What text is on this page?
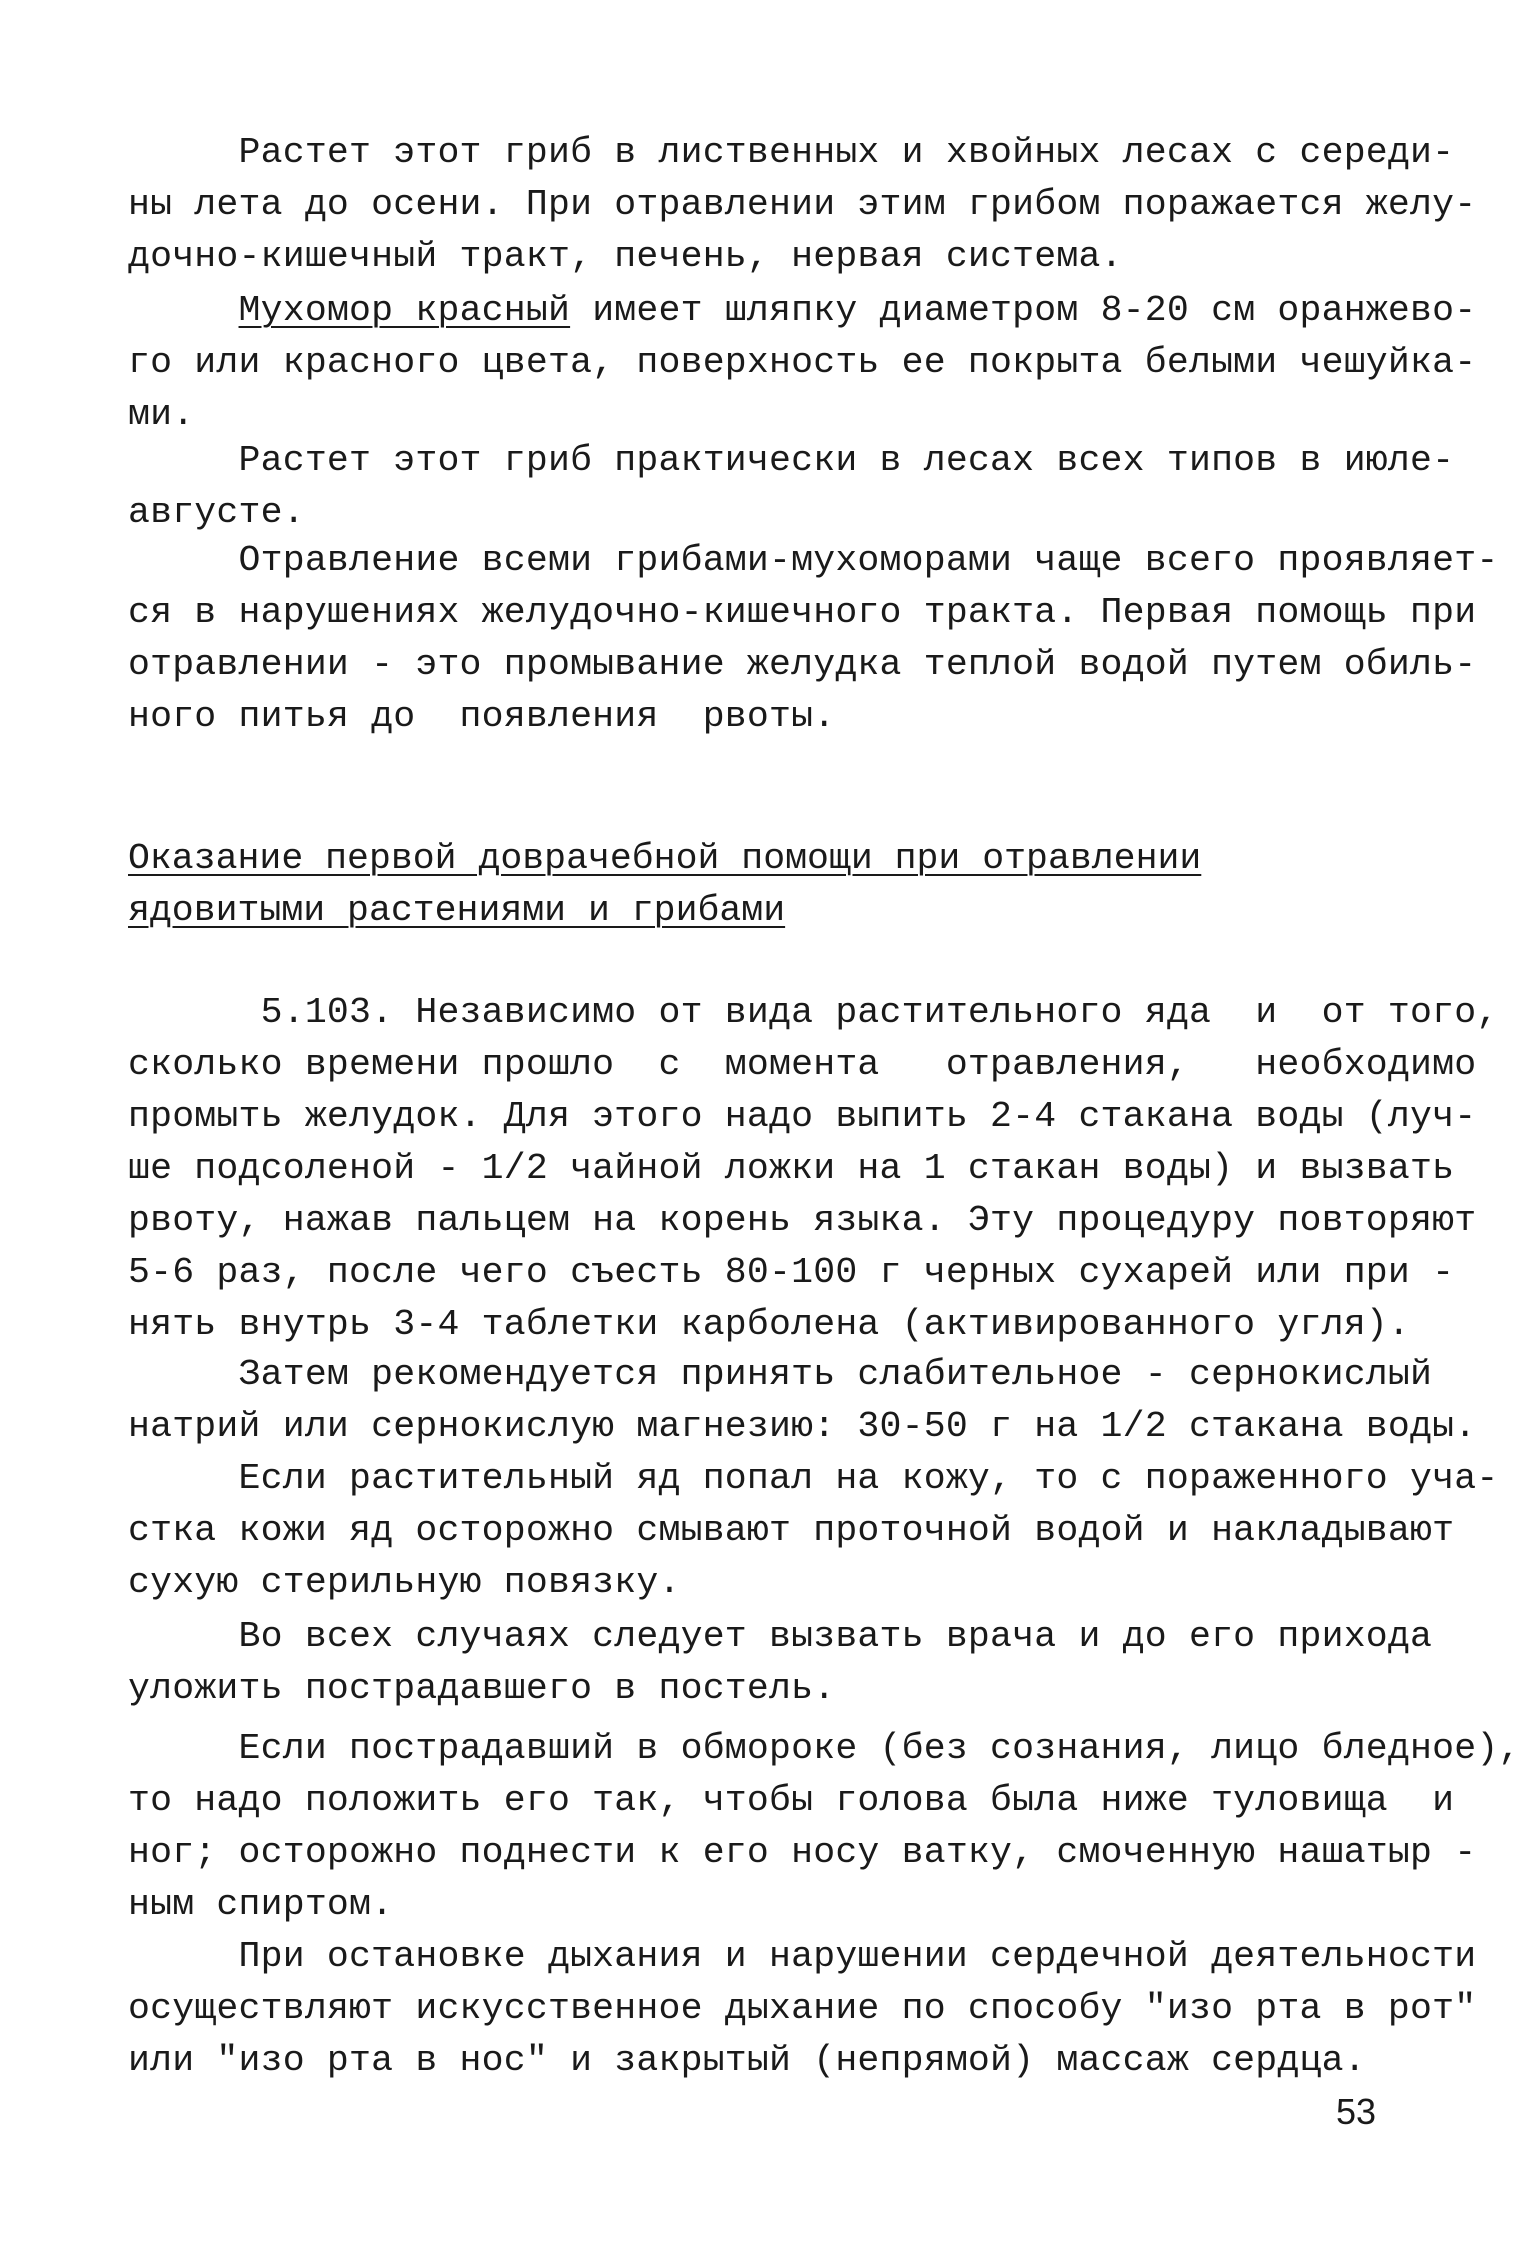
Растет этот гриб в лиственных и хвойных лесах с середи-
ны лета до осени. При отравлении этим грибом поражается желу-
дочно-кишечный тракт, печень, нервая система.
Мухомор красный имеет шляпку диаметром 8-20 см оранжево-
го или красного цвета, поверхность ее покрыта белыми чешуйка-
ми.
Растет этот гриб практически в лесах всех типов в июле-
августе.
Отравление всеми грибами-мухоморами чаще всего проявляет-
ся в нарушениях желудочно-кишечного тракта. Первая помощь при
отравлении - это промывание желудка теплой водой путем обиль-
ного питья до  появления  рвоты.
Оказание первой доврачебной помощи при отравлении
ядовитыми растениями и грибами
5.103. Независимо от вида растительного яда  и  от того,
сколько времени прошло  с  момента   отравления,   необходимо
промыть желудок. Для этого надо выпить 2-4 стакана воды (луч-
ше подсоленой - 1/2 чайной ложки на 1 стакан воды) и вызвать
рвоту, нажав пальцем на корень языка. Эту процедуру повторяют
5-6 раз, после чего съесть 80-100 г черных сухарей или при -
нять внутрь 3-4 таблетки карболена (активированного угля).
Затем рекомендуется принять слабительное - сернокислый
натрий или сернокислую магнезию: 30-50 г на 1/2 стакана воды.
Если растительный яд попал на кожу, то с пораженного уча-
стка кожи яд осторожно смывают проточной водой и накладывают
сухую стерильную повязку.
Во всех случаях следует вызвать врача и до его прихода
уложить пострадавшего в постель.
Если пострадавший в обмороке (без сознания, лицо бледное),
то надо положить его так, чтобы голова была ниже туловища  и
ног; осторожно поднести к его носу ватку, смоченную нашатыр -
ным спиртом.
При остановке дыхания и нарушении сердечной деятельности
осуществляют искусственное дыхание по способу "изо рта в рот"
или "изо рта в нос" и закрытый (непрямой) массаж сердца.
53
